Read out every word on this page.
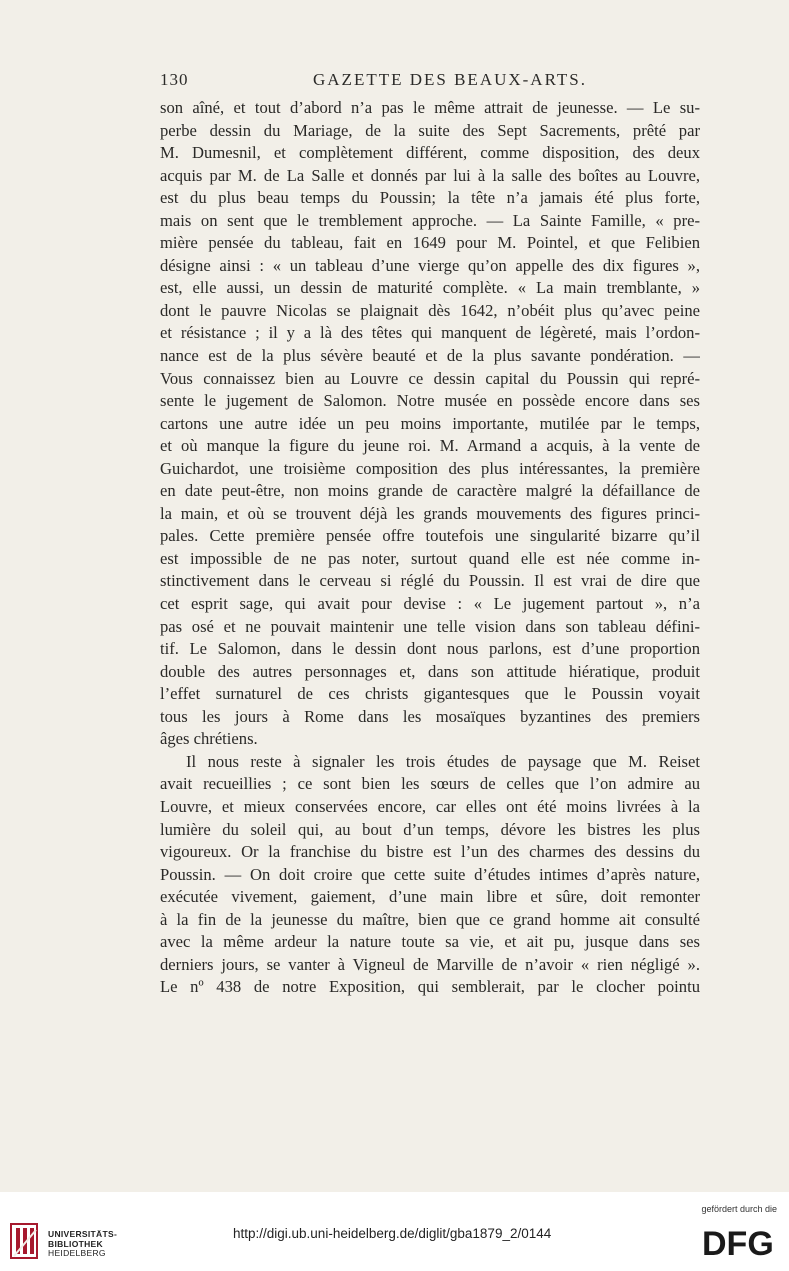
130	GAZETTE DES BEAUX-ARTS.
son aîné, et tout d’abord n’a pas le même attrait de jeunesse. — Le su-
perbe dessin du Mariage, de la suite des Sept Sacrements, prêté par
M. Dumesnil, et complètement différent, comme disposition, des deux
acquis par M. de La Salle et donnés par lui à la salle des boîtes au Louvre,
est du plus beau temps du Poussin; la tête n’a jamais été plus forte,
mais on sent que le tremblement approche. — La Sainte Famille, « pre-
mière pensée du tableau, fait en 1649 pour M. Pointel, et que Felibien
désigne ainsi : « un tableau d’une vierge qu’on appelle des dix figures »,
est, elle aussi, un dessin de maturité complète. « La main tremblante, »
dont le pauvre Nicolas se plaignait dès 1642, n’obéit plus qu’avec peine
et résistance ; il y a là des têtes qui manquent de légèreté, mais l’ordon-
nance est de la plus sévère beauté et de la plus savante pondération. —
Vous connaissez bien au Louvre ce dessin capital du Poussin qui repré-
sente le jugement de Salomon. Notre musée en possède encore dans ses
cartons une autre idée un peu moins importante, mutilée par le temps,
et où manque la figure du jeune roi. M. Armand a acquis, à la vente de
Guichardot, une troisième composition des plus intéressantes, la première
en date peut-être, non moins grande de caractère malgré la défaillance de
la main, et où se trouvent déjà les grands mouvements des figures princi-
pales. Cette première pensée offre toutefois une singularité bizarre qu’il
est impossible de ne pas noter, surtout quand elle est née comme in-
stinctivement dans le cerveau si réglé du Poussin. Il est vrai de dire que
cet esprit sage, qui avait pour devise : « Le jugement partout », n’a
pas osé et ne pouvait maintenir une telle vision dans son tableau défini-
tif. Le Salomon, dans le dessin dont nous parlons, est d’une proportion
double des autres personnages et, dans son attitude hiératique, produit
l’effet surnaturel de ces christs gigantesques que le Poussin voyait
tous les jours à Rome dans les mosaïques byzantines des premiers
âges chrétiens.
Il nous reste à signaler les trois études de paysage que M. Reiset
avait recueillies ; ce sont bien les sœurs de celles que l’on admire au
Louvre, et mieux conservées encore, car elles ont été moins livrées à la
lumière du soleil qui, au bout d’un temps, dévore les bistres les plus
vigoureux. Or la franchise du bistre est l’un des charmes des dessins du
Poussin. — On doit croire que cette suite d’études intimes d’après nature,
exécutée vivement, gaiement, d’une main libre et sûre, doit remonter
à la fin de la jeunesse du maître, bien que ce grand homme ait consulté
avec la même ardeur la nature toute sa vie, et ait pu, jusque dans ses
derniers jours, se vanter à Vigneul de Marville de n’avoir « rien négligé ».
Le nº 438 de notre Exposition, qui semblerait, par le clocher pointu
UNIVERSITÄTS-
BIBLIOTHEK
HEIDELBERG
http://digi.ub.uni-heidelberg.de/diglit/gba1879_2/0144
gefördert durch die
DFG
